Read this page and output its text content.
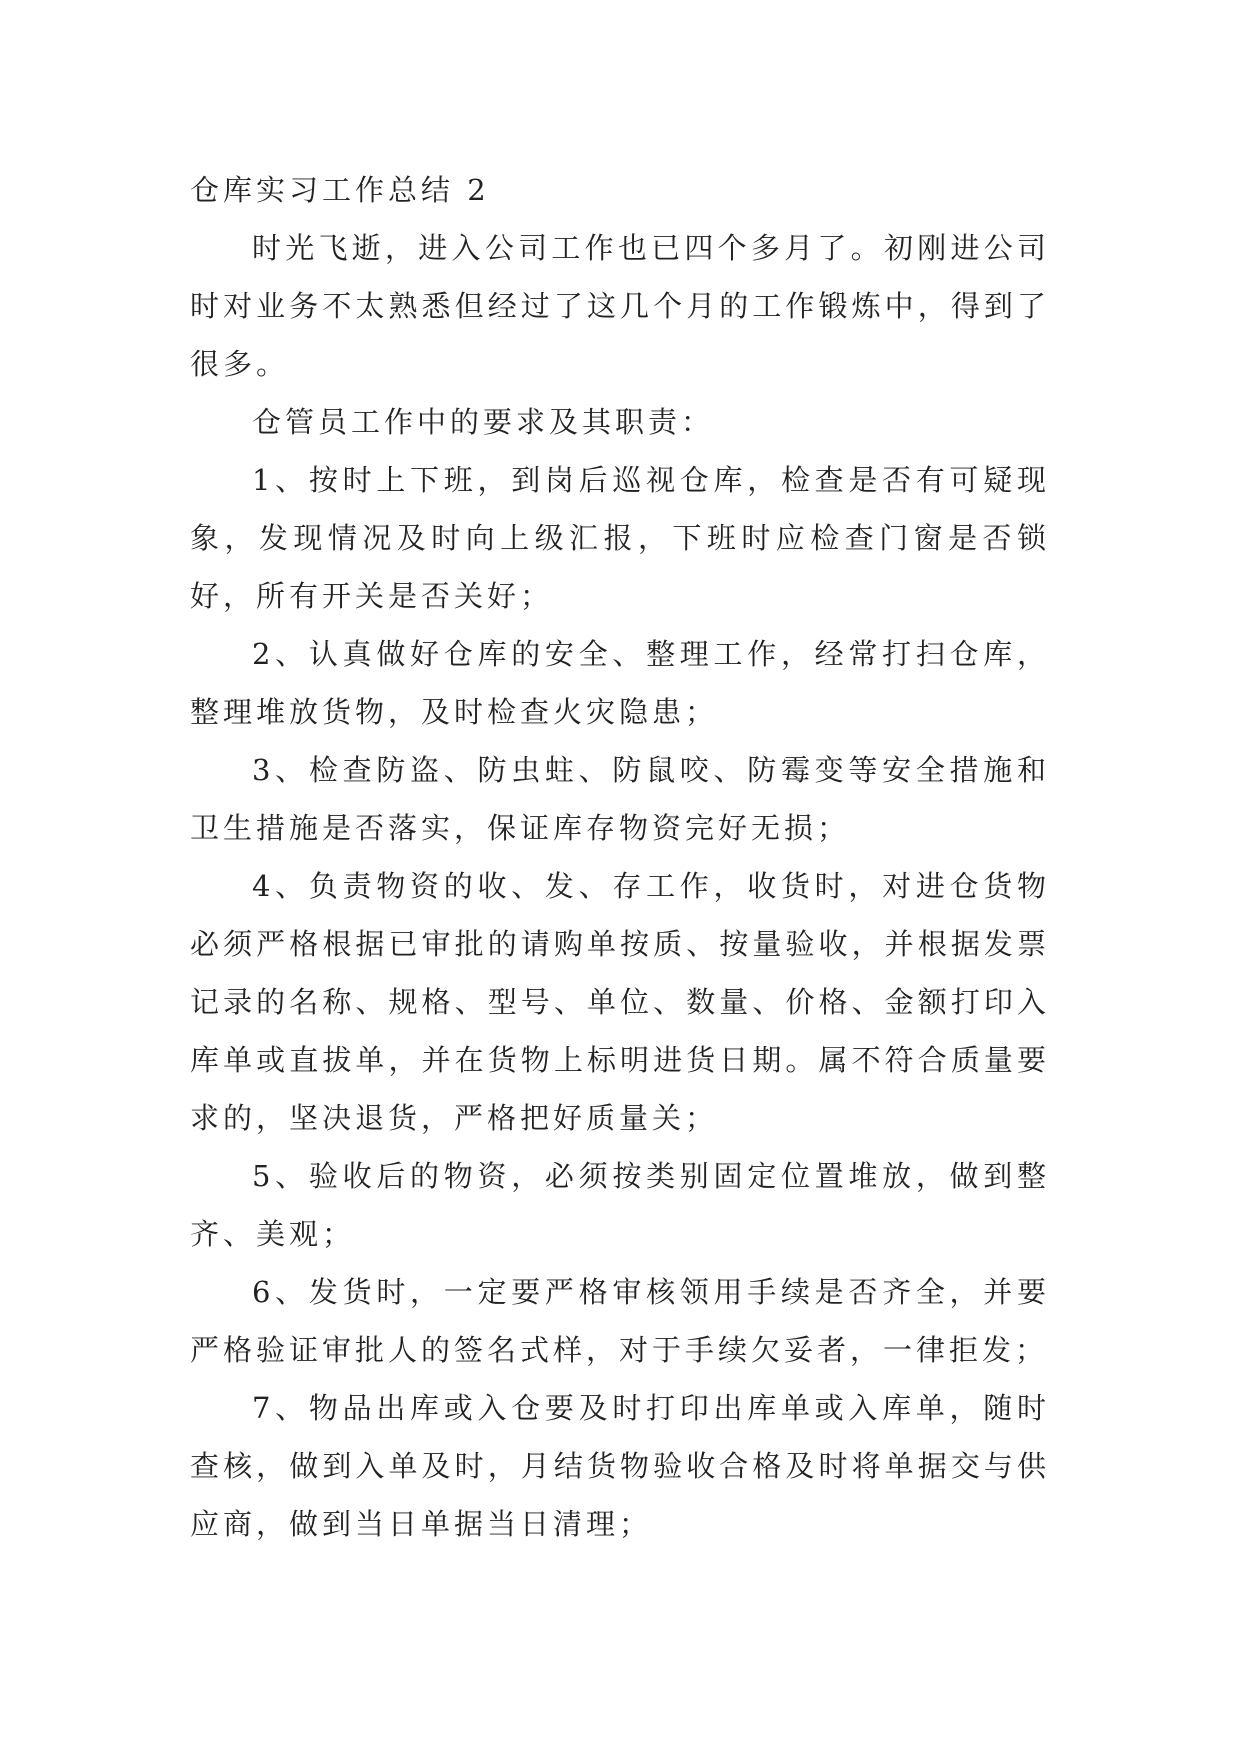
仓库实习工作总结 2

时光飞逝，进入公司工作也已四个多月了。初刚进公司时对业务不太熟悉但经过了这几个月的工作锻炼中，得到了很多。

仓管员工作中的要求及其职责：

1、按时上下班，到岗后巡视仓库，检查是否有可疑现象，发现情况及时向上级汇报，下班时应检查门窗是否锁好，所有开关是否关好；

2、认真做好仓库的安全、整理工作，经常打扫仓库，整理堆放货物，及时检查火灾隐患；

3、检查防盗、防虫蛀、防鼠咬、防霉变等安全措施和卫生措施是否落实，保证库存物资完好无损；

4、负责物资的收、发、存工作，收货时，对进仓货物必须严格根据已审批的请购单按质、按量验收，并根据发票记录的名称、规格、型号、单位、数量、价格、金额打印入库单或直拔单，并在货物上标明进货日期。属不符合质量要求的，坚决退货，严格把好质量关；

5、验收后的物资，必须按类别固定位置堆放，做到整齐、美观；

6、发货时，一定要严格审核领用手续是否齐全，并要严格验证审批人的签名式样，对于手续欠妥者，一律拒发；

7、物品出库或入仓要及时打印出库单或入库单，随时查核，做到入单及时，月结货物验收合格及时将单据交与供应商，做到当日单据当日清理；
